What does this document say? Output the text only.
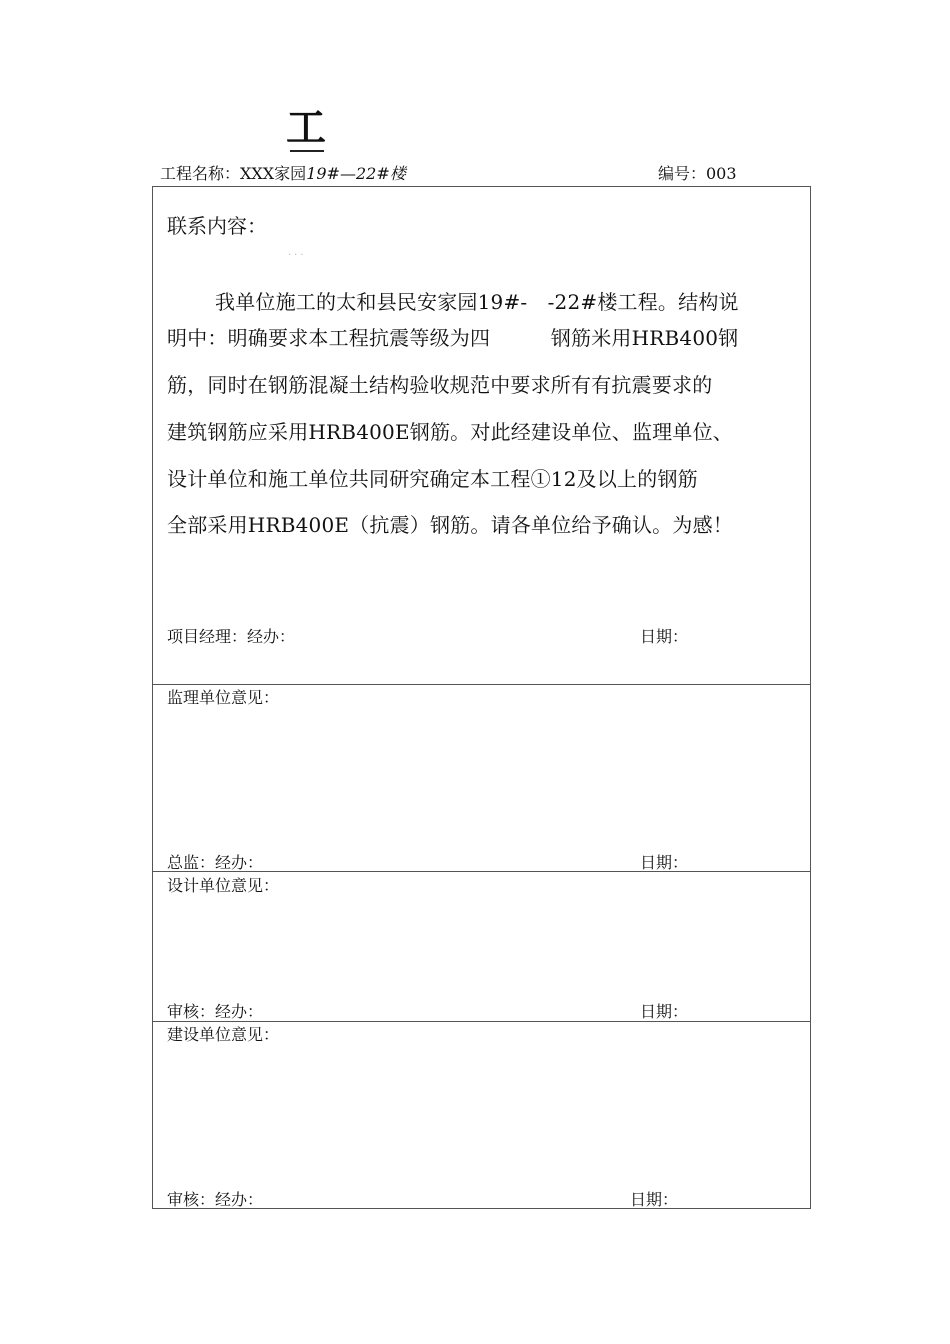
工
工程名称：XXX家园19#—22#楼	编号：003
联系内容：
···
我单位施工的太和县民安家园19#-　-22#楼工程。结构说
明中：明确要求本工程抗震等级为四　　　钢筋米用HRB400钢
筋，同时在钢筋混凝土结构验收规范中要求所有有抗震要求的
建筑钢筋应采用HRB400E钢筋。对此经建设单位、监理单位、
设计单位和施工单位共同研究确定本工程①12及以上的钢筋
全部采用HRB400E（抗震）钢筋。请各单位给予确认。为感！
项目经理：经办：	日期：
监理单位意见：
总监：经办：	日期：
设计单位意见：
审核：经办：	日期：
建设单位意见：
审核：经办：	日期：
